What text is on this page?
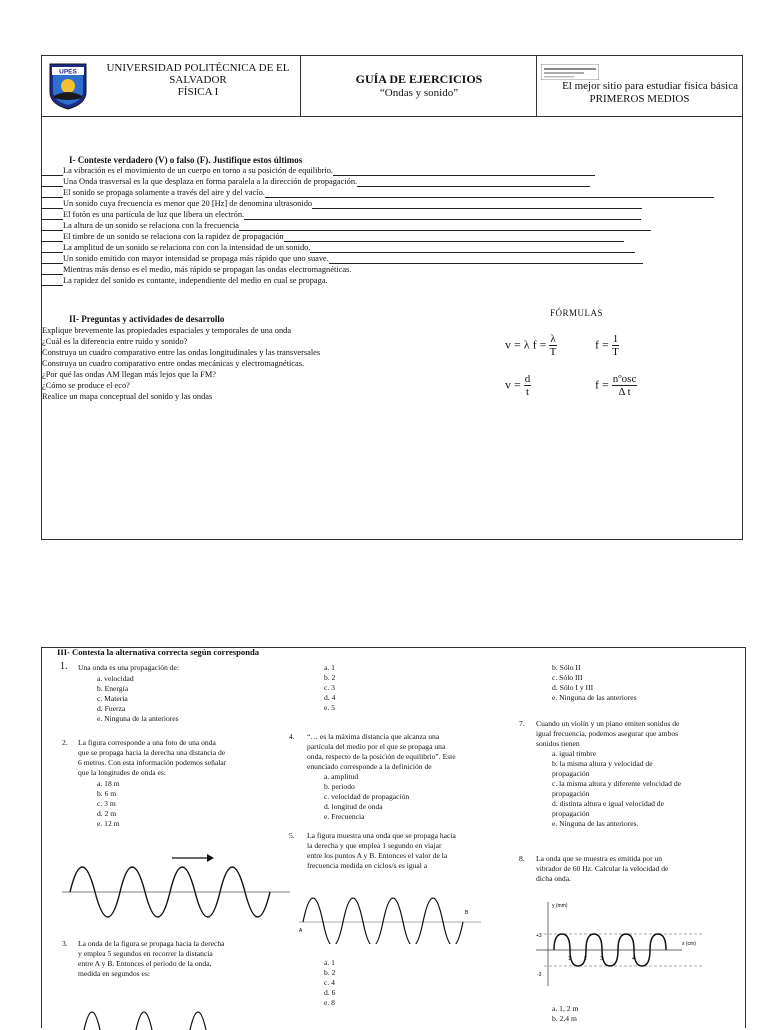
UPES	UNIVERSIDAD POLITÉCNICA DE EL
SALVADOR
FÍSICA I
GUÍA DE EJERCICIOS
“Ondas y sonido”
El mejor sitio para estudiar física básica
PRIMEROS MEDIOS
I- Conteste verdadero (V) o falso (F). Justifique estos últimos
La vibración es el movimiento de un cuerpo en torno a su posición de equilibrio.
Una Onda trasversal es la que desplaza en forma paralela a la dirección de propagación.
El sonido se propaga solamente a través del aire y del vacío.
Un sonido cuya frecuencia es menor que 20 [Hz] de denomina ultrasonido
El fotón es una partícula de luz que libera un electrón.
La altura de un sonido se relaciona con la frecuencia
El timbre de un sonido se relaciona con la rapidez de propagación
La amplitud de un sonido se relaciona con con la intensidad de un sonido.
Un sonido emitido con mayor intensidad se propaga más rápido que uno suave.
Mientras más denso es el medio, más rápido se propagan las ondas electromagnéticas.
La rapidez del sonido es contante, independiente del medio en cual se propaga.
II- Preguntas y actividades de desarrollo
Explique brevemente las propiedades espaciales y temporales de una onda
¿Cuál es la diferencia entre ruido y sonido?
Construya un cuadro comparativo entre las ondas longitudinales y las transversales
Construya un cuadro comparativo entre ondas mecánicas y electromagnéticas.
¿Por qué las ondas AM llegan más lejos que la FM?
¿Cómo se produce el eco?
Realice un mapa conceptual del sonido y las ondas
FÓRMULAS
v = λ $f = \frac{\lambda}{T}$	$f = \frac{1}{T}$
$v = \frac{d}{t}$	$f = \frac{\text{nºosc}}{\text{Δ t}}$
III- Contesta la alternativa correcta según corresponda
1. Una onda es una propagación de:
a. velocidad
b. Energía
c. Materia
d. Fuerza
e. Ninguna de la anteriores
2. La figura corresponde a una foto de una onda
que se propaga hacia la derecha una distancia de
6 metros. Con esta información podemos señalar
que la longitudes de onda es:
a. 18 m
b. 6 m
c. 3 m
d. 2 m
e. 12 m
3. La onda de la figura se propaga hacia la derecha
y emplea 5 segundos en recorrer la distancia
entre A y B. Entonces el periodo de la onda,
medida en segundos es:
a. 1
b. 2
c. 3
d. 4
e. 5
4. “… es la máxima distancia que alcanza una
partícula del medio por el que se propaga una
onda, respecto de la posición de equilibrio”. Este
enunciado corresponde a la definición de
a. amplitud
b. periodo
c. velocidad de propagación
d. longitud de onda
e. Frecuencia
5. La figura muestra una onda que se propaga hacia
la derecha y que emplea 1 segundo en viajar
entre los puntos A y B. Entonces el valor de la
frecuencia medida en ciclos/s es igual a
A
B
a. 1
b. 2
c. 4
d. 6
e. 8
b. Sólo II
c. Sólo III
d. Sólo I y III
e. Ninguna de las anteriores
7. Cuando un violín y un piano emiten sonidos de
igual frecuencia, podemos asegurar que ambos
sonidos tienen
a. igual timbre
b. la misma altura y velocidad de
propagación
c. la misma altura y diferente velocidad de
propagación
d. distinta altura e igual velocidad de
propagación
e. Ninguna de las anteriores.
8. La onda que se muestra es emitida por un
vibrador de 60 Hz. Calcular la velocidad de
dicha onda.
y (mm)
x (cm)
+3
-3
1	2	3	4
a. 1, 2 m
b. 2,4 m
